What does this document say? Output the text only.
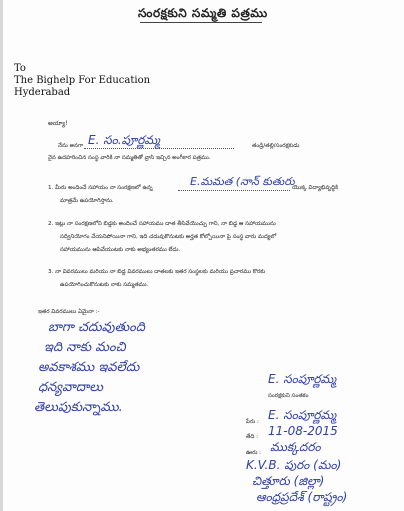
సంరక్షకుని సమ్మతి పత్రము
To
The Bighelp For Education
Hyderabad
అయ్యా!
నేను అనగా E. సం.పూర్ణమ్మ	తండ్రి/తల్లి/సంరక్షకుడు
నైన ఉదహరించిన సంస్థ వారికి నా సమ్మతితో వ్రాసి ఇచ్చిన అంగీకార పత్రము.
1. మీరు అందించే సహాయం నా సంరక్షణలో ఉన్న	E.మమత (నాన్ కుతురు
యొక్క విద్యాభివృద్ధికి
మాత్రమే ఉపయోగిస్తాను.
2. ఇట్లు నా సంరక్షణలోని బిడ్డకు అందించే సహాయము దాత తీసివేయొచ్చు గాని, నా బిడ్డ ఆ సహాయమును
సద్వినియోగం చేయనిపోయినా గాని, ఇది చదువుకొనుటకు అర్హత కోల్పోయినా పై సంస్థ వారు మద్యలో
సహాయమును ఆపివేయుటకు నాకు అభ్యంతరము లేదు.
3. నా వివరములు మరియు నా బిడ్డ వివరములు దాతలకు ఇతర సంస్థలకు మరియు ప్రచారము కొరకు
ఉపయోగించుకొనుటకు నాకు సమ్మతము.
ఇతర వివరములు ఏమైనా :-
బాగా చదువుతుంది
ఇది నాకు మంచి
అవకాశము ఇవలేదు
ధన్యవాదాలు
తెలుపుకున్నాము.
E. సంపూర్ణమ్మ
సంరక్షకుని సంతకం
పేరు : E. సంపూర్ణమ్మ
తేది : 11-08-2015
ఊరు : ముక్కదరం
K.V.B. పురం (మం)
చిత్తూరు (జిల్లా)
ఆంధ్రప్రదేశ్ (రాష్ట్రం)
